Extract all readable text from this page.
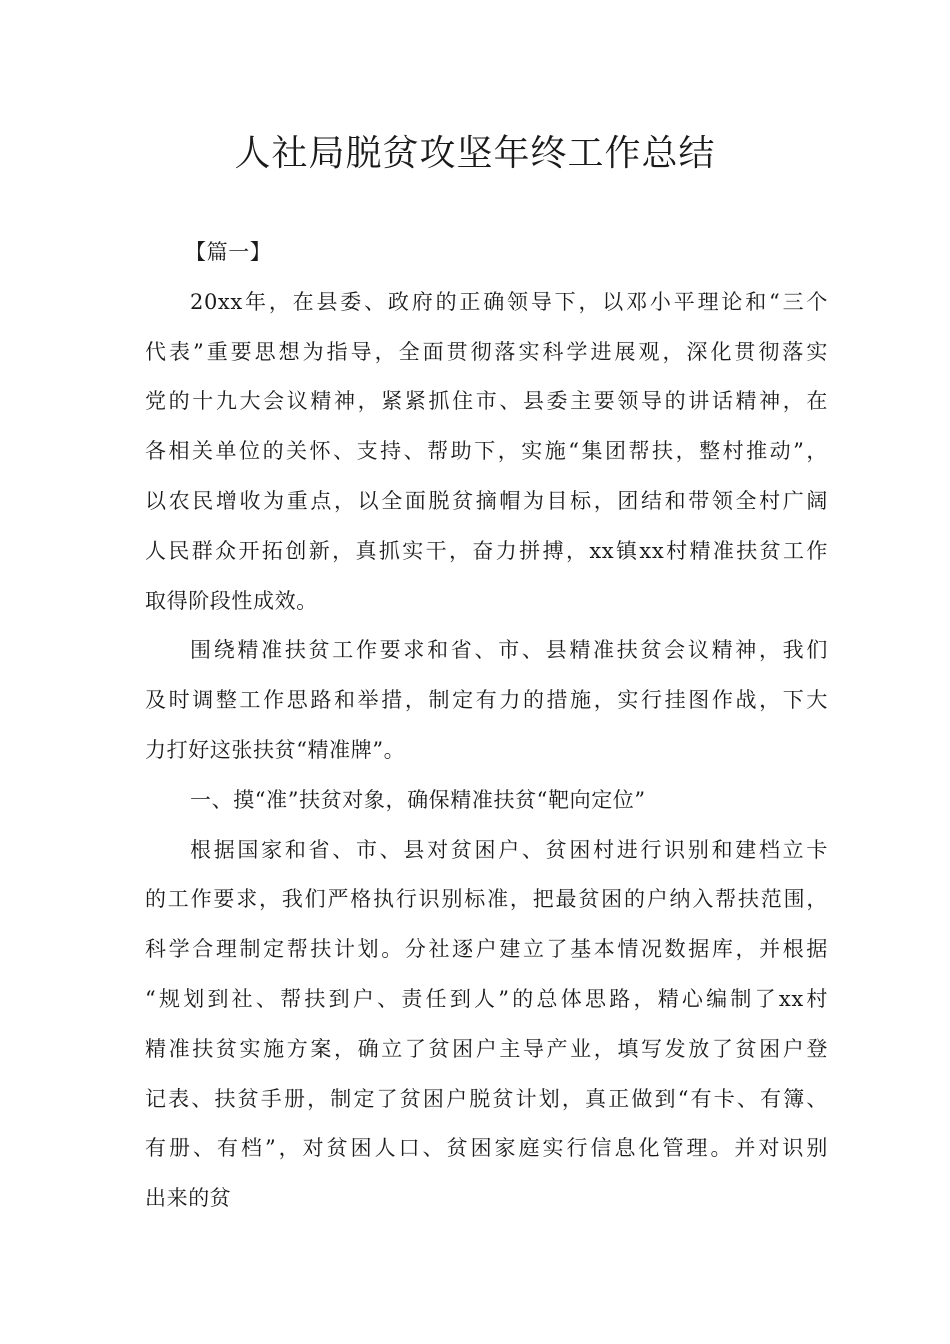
人社局脱贫攻坚年终工作总结
【篇一】
20xx年，在县委、政府的正确领导下，以邓小平理论和“三个
代表”重要思想为指导，全面贯彻落实科学进展观，深化贯彻落实
党的十九大会议精神，紧紧抓住市、县委主要领导的讲话精神，在
各相关单位的关怀、支持、帮助下，实施“集团帮扶，整村推动”，
以农民增收为重点，以全面脱贫摘帽为目标，团结和带领全村广阔
人民群众开拓创新，真抓实干，奋力拼搏，xx镇xx村精准扶贫工作
取得阶段性成效。
围绕精准扶贫工作要求和省、市、县精准扶贫会议精神，我们
及时调整工作思路和举措，制定有力的措施，实行挂图作战，下大
力打好这张扶贫“精准牌”。
一、摸“准”扶贫对象，确保精准扶贫“靶向定位”
根据国家和省、市、县对贫困户、贫困村进行识别和建档立卡
的工作要求，我们严格执行识别标准，把最贫困的户纳入帮扶范围，
科学合理制定帮扶计划。分社逐户建立了基本情况数据库，并根据
“规划到社、帮扶到户、责任到人”的总体思路，精心编制了xx村
精准扶贫实施方案，确立了贫困户主导产业，填写发放了贫困户登
记表、扶贫手册，制定了贫困户脱贫计划，真正做到“有卡、有簿、
有册、有档”，对贫困人口、贫困家庭实行信息化管理。并对识别
出来的贫
